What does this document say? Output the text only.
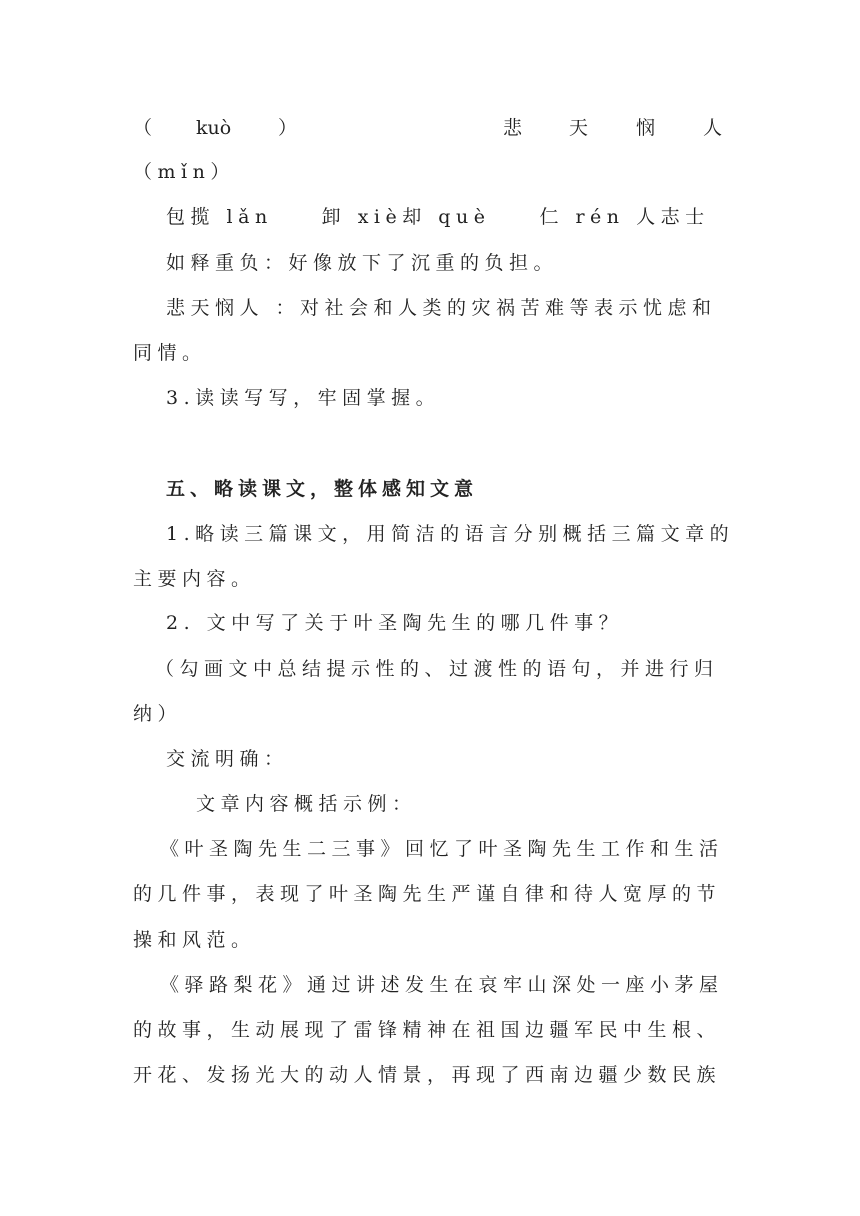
（ kuò ）	悲 天	悯	人
（mǐn）
包揽 lǎn　　卸 xiè却 què　　仁 rén 人志士
如释重负：好像放下了沉重的负担。
悲天悯人 ：对社会和人类的灾祸苦难等表示忧虑和
同情。
3.读读写写，牢固掌握。
五、略读课文，整体感知文意
1.略读三篇课文，用简洁的语言分别概括三篇文章的
主要内容。
2. 文中写了关于叶圣陶先生的哪几件事？
（勾画文中总结提示性的、过渡性的语句，并进行归
纳）
交流明确：
文章内容概括示例：
《叶圣陶先生二三事》回忆了叶圣陶先生工作和生活
的几件事，表现了叶圣陶先生严谨自律和待人宽厚的节
操和风范。
《驿路梨花》通过讲述发生在哀牢山深处一座小茅屋
的故事，生动展现了雷锋精神在祖国边疆军民中生根、
开花、发扬光大的动人情景，再现了西南边疆少数民族
